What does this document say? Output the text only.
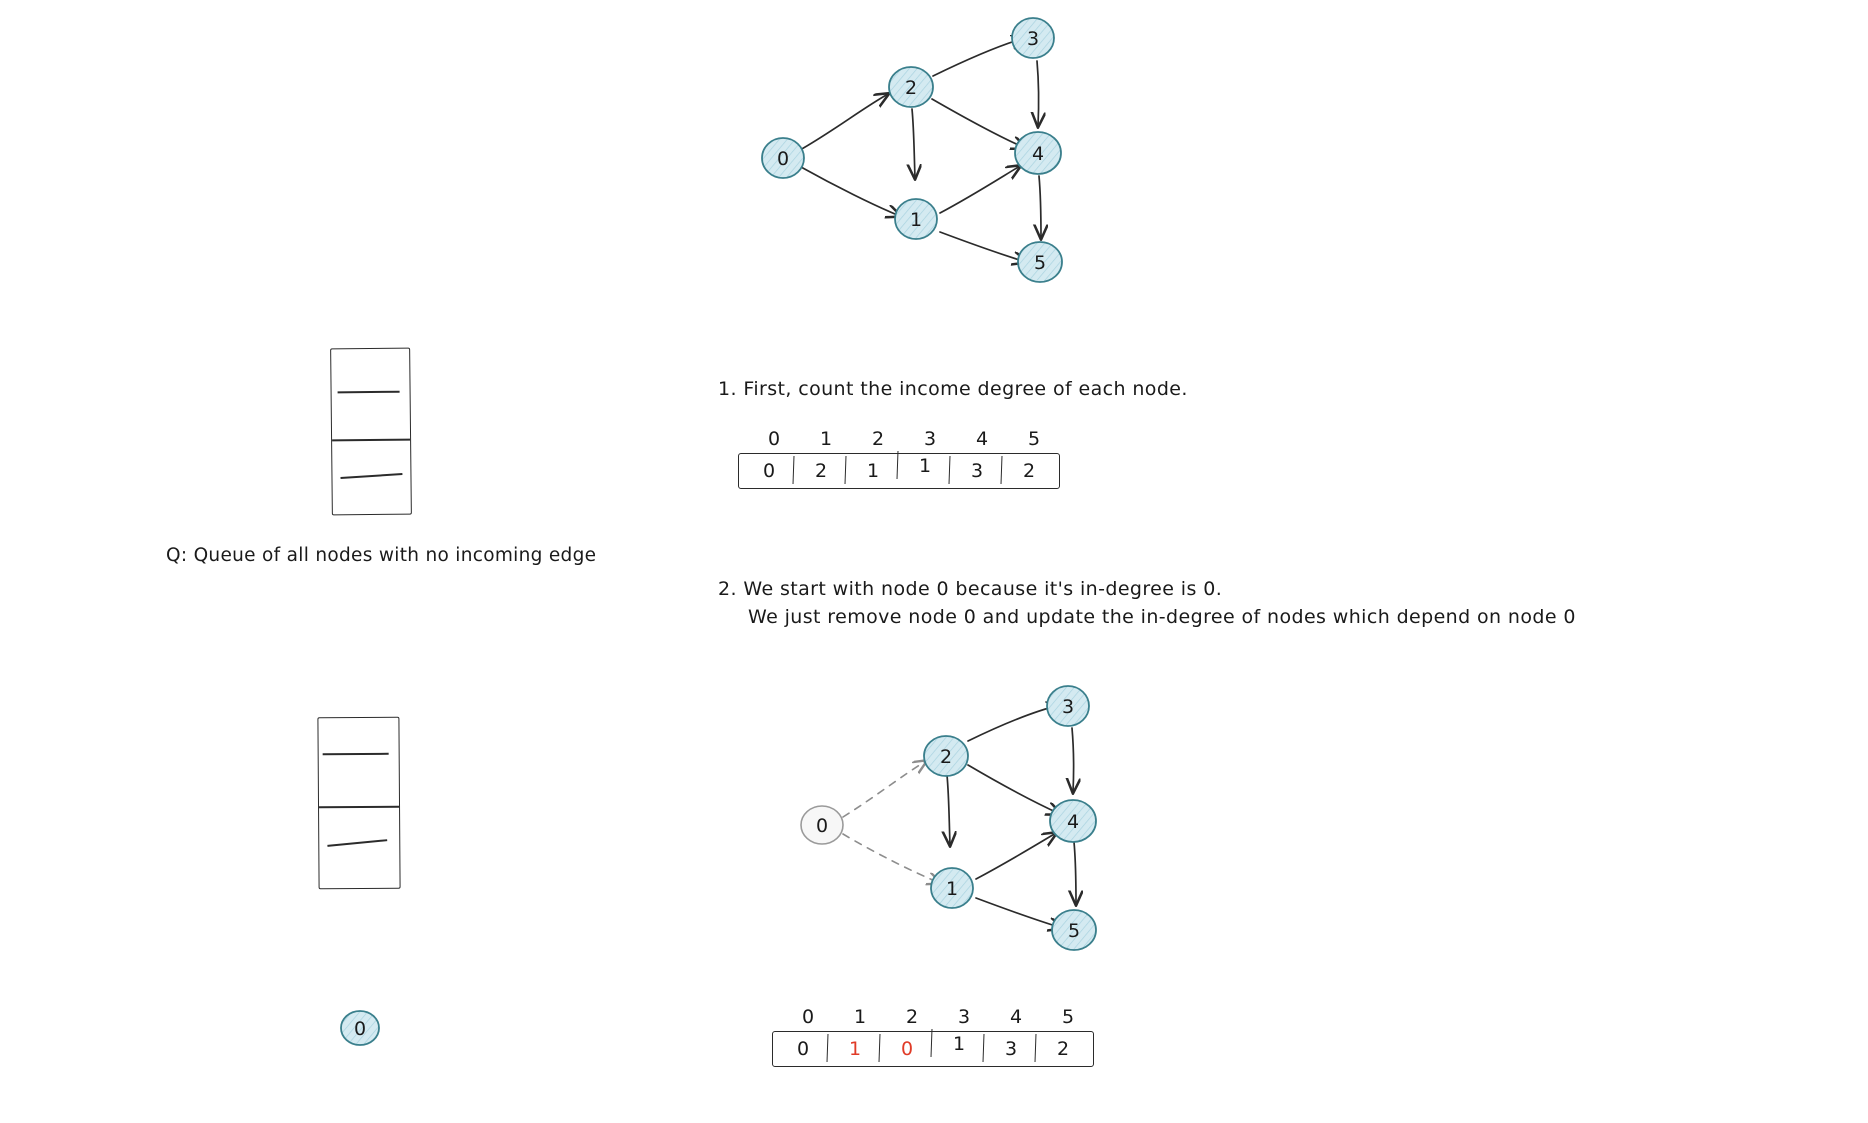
0
2
3
4
1
5
Q: Queue of all nodes with no incoming edge
1. First, count the income degree of each node.
0	1	2	3	4	5
0	2	1	1	3	2
2. We start with node 0 because it's in-degree is 0.
We just remove node 0 and update the in-degree of nodes which depend on node 0
0
2
3
4
1
5
0
0	1	2	3	4	5
0	1	0	1	3	2
